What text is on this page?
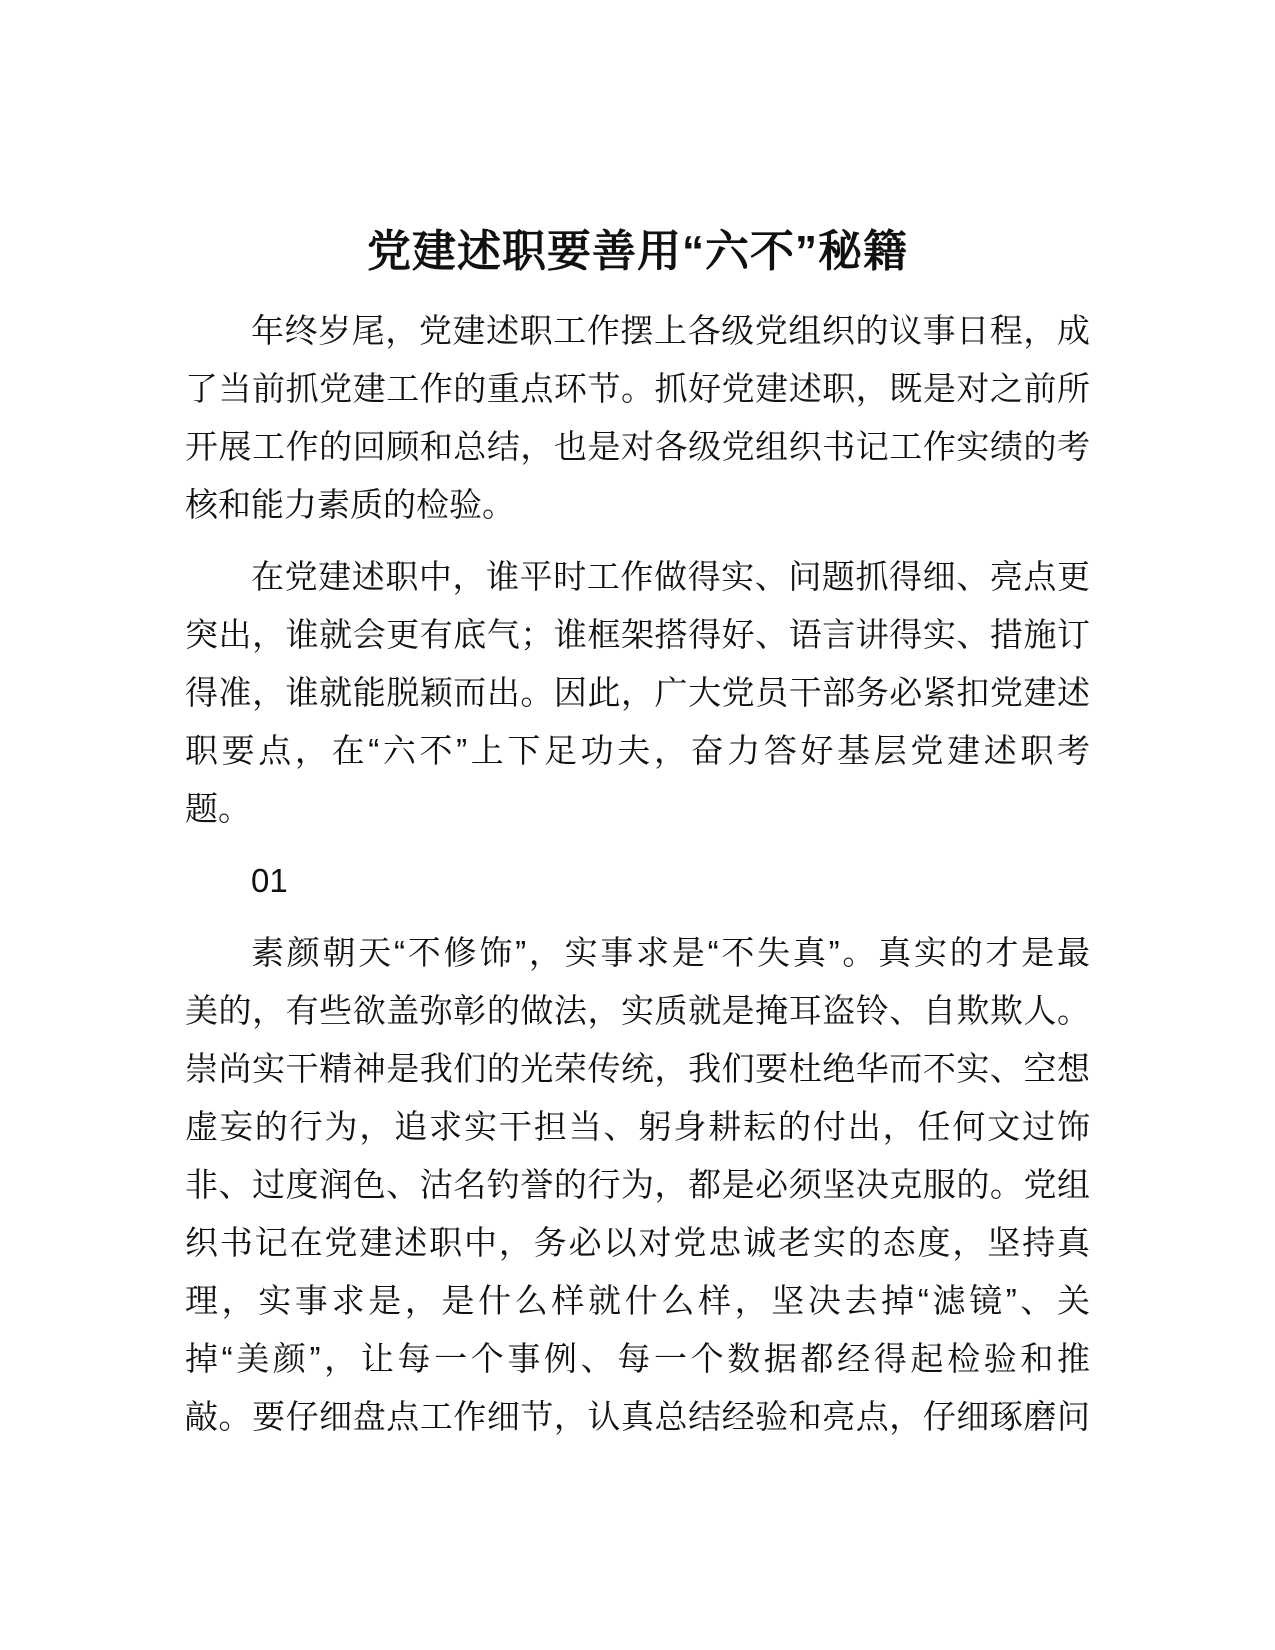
党建述职要善用“六不”秘籍
年终岁尾，党建述职工作摆上各级党组织的议事日程，成
了当前抓党建工作的重点环节。抓好党建述职，既是对之前所
开展工作的回顾和总结，也是对各级党组织书记工作实绩的考
核和能力素质的检验。
在党建述职中，谁平时工作做得实、问题抓得细、亮点更
突出，谁就会更有底气；谁框架搭得好、语言讲得实、措施订
得准，谁就能脱颖而出。因此，广大党员干部务必紧扣党建述
职要点，在“六不”上下足功夫，奋力答好基层党建述职考
题。
01
素颜朝天“不修饰”，实事求是“不失真”。真实的才是最
美的，有些欲盖弥彰的做法，实质就是掩耳盗铃、自欺欺人。
崇尚实干精神是我们的光荣传统，我们要杜绝华而不实、空想
虚妄的行为，追求实干担当、躬身耕耘的付出，任何文过饰
非、过度润色、沽名钓誉的行为，都是必须坚决克服的。党组
织书记在党建述职中，务必以对党忠诚老实的态度，坚持真
理，实事求是，是什么样就什么样，坚决去掉“滤镜”、关
掉“美颜”，让每一个事例、每一个数据都经得起检验和推
敲。要仔细盘点工作细节，认真总结经验和亮点，仔细琢磨问
